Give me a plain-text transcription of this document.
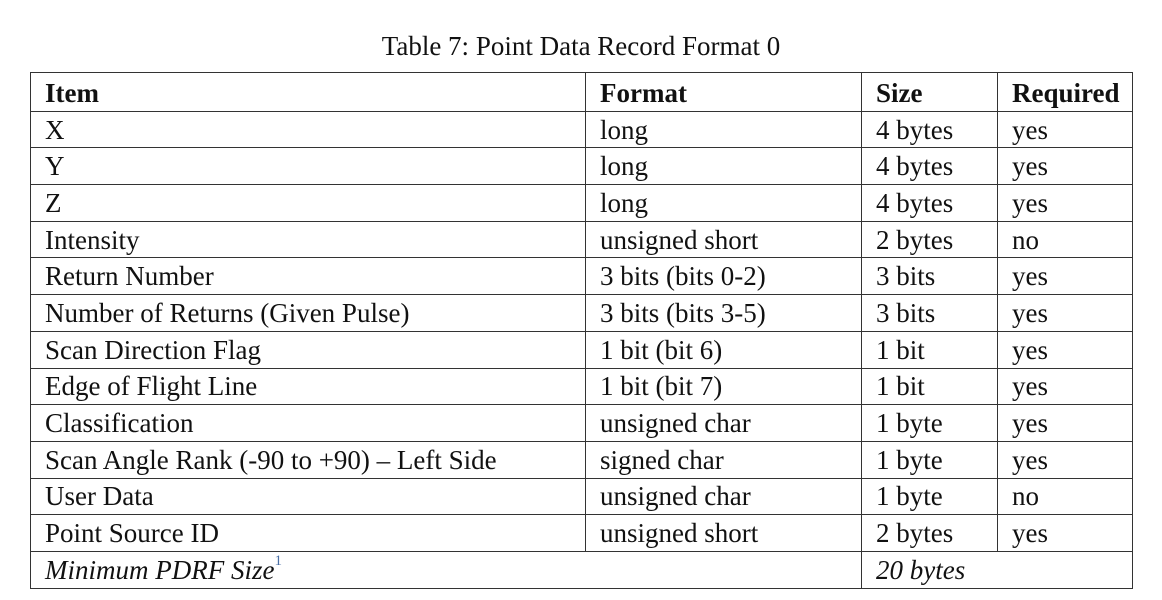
Table 7: Point Data Record Format 0
Item	Format	Size	Required
X	long	4 bytes	yes
Y	long	4 bytes	yes
Z	long	4 bytes	yes
Intensity	unsigned short	2 bytes	no
Return Number	3 bits (bits 0-2)	3 bits	yes
Number of Returns (Given Pulse)	3 bits (bits 3-5)	3 bits	yes
Scan Direction Flag	1 bit (bit 6)	1 bit	yes
Edge of Flight Line	1 bit (bit 7)	1 bit	yes
Classification	unsigned char	1 byte	yes
Scan Angle Rank (-90 to +90) – Left Side	signed char	1 byte	yes
User Data	unsigned char	1 byte	no
Point Source ID	unsigned short	2 bytes	yes
Minimum PDRF Size$^1$		20 bytes	
